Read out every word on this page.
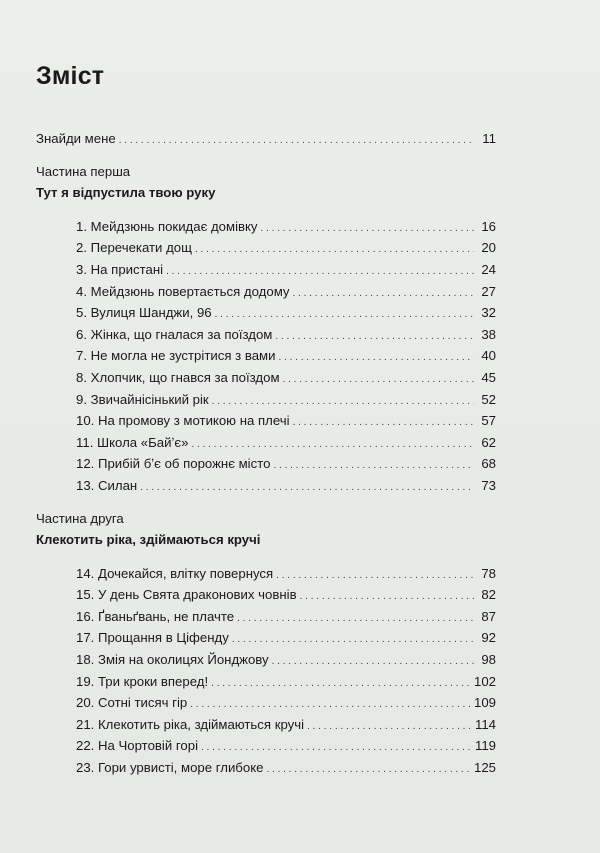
Зміст
Знайди мене . . .	11
Частина перша
Тут я відпустила твою руку
1. Мейдзюнь покидає домівку . . .	16
2. Перечекати дощ . . .	20
3. На пристані . . .	24
4. Мейдзюнь повертається додому . . .	27
5. Вулиця Шанджи, 96 . . .	32
6. Жінка, що гналася за поїздом . . .	38
7. Не могла не зустрітися з вами . . .	40
8. Хлопчик, що гнався за поїздом . . .	45
9. Звичайнісінький рік . . .	52
10. На промову з мотикою на плечі . . .	57
11. Школа «Байʼє» . . .	62
12. Прибій бʼє об порожнє місто . . .	68
13. Силан . . .	73
Частина друга
Клекотить ріка, здіймаються кручі
14. Дочекайся, влітку повернуся . . .	78
15. У день Свята драконових човнів . . .	82
16. Ґваньґвань, не плачте . . .	87
17. Прощання в Ціфенду . . .	92
18. Змія на околицях Йонджову . . .	98
19. Три кроки вперед! . . .	102
20. Сотні тисяч гір . . .	109
21. Клекотить ріка, здіймаються кручі . . .	114
22. На Чортовій горі . . .	119
23. Гори урвисті, море глибоке . . .	125
